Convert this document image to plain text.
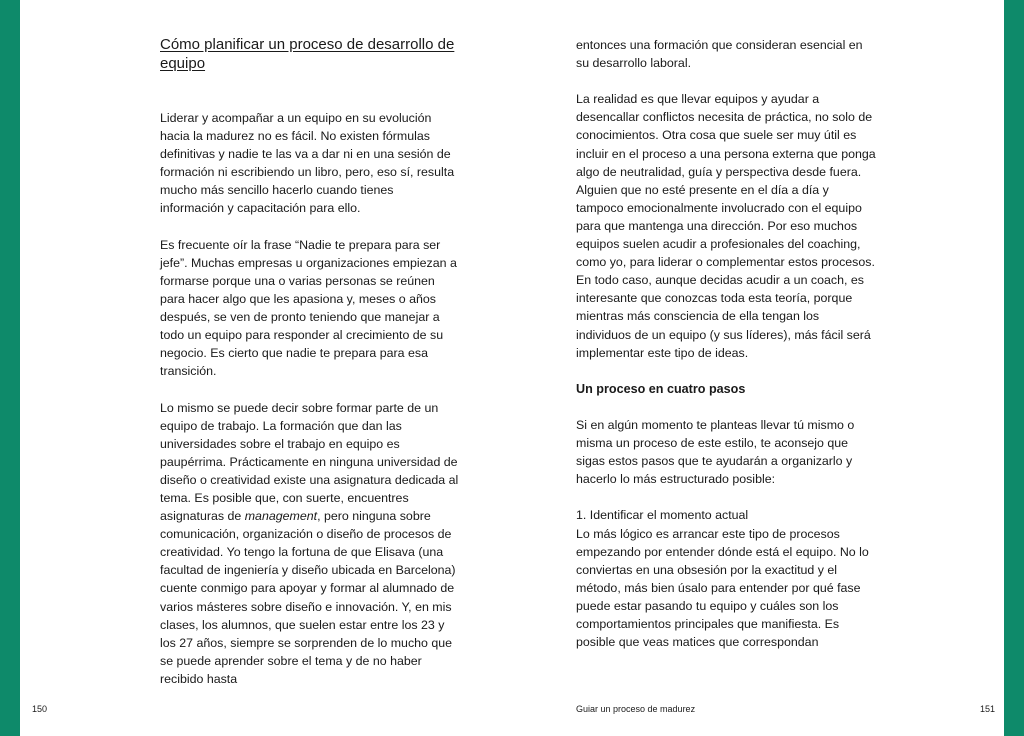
Cómo planificar un proceso de desarrollo de equipo

Liderar y acompañar a un equipo en su evolución hacia la madurez no es fácil. No existen fórmulas definitivas y nadie te las va a dar ni en una sesión de formación ni escribiendo un libro, pero, eso sí, resulta mucho más sencillo hacerlo cuando tienes información y capacitación para ello.

Es frecuente oír la frase “Nadie te prepara para ser jefe”. Muchas empresas u organizaciones empiezan a formarse porque una o varias personas se reúnen para hacer algo que les apasiona y, meses o años después, se ven de pronto teniendo que manejar a todo un equipo para responder al crecimiento de su negocio. Es cierto que nadie te prepara para esa transición.

Lo mismo se puede decir sobre formar parte de un equipo de trabajo. La formación que dan las universidades sobre el trabajo en equipo es paupérrima. Prácticamente en ninguna universidad de diseño o creatividad existe una asignatura dedicada al tema. Es posible que, con suerte, encuentres asignaturas de management, pero ninguna sobre comunicación, organización o diseño de procesos de creatividad. Yo tengo la fortuna de que Elisava (una facultad de ingeniería y diseño ubicada en Barcelona) cuente conmigo para apoyar y formar al alumnado de varios másteres sobre diseño e innovación. Y, en mis clases, los alumnos, que suelen estar entre los 23 y los 27 años, siempre se sorprenden de lo mucho que se puede aprender sobre el tema y de no haber recibido hasta

entonces una formación que consideran esencial en su desarrollo laboral.

La realidad es que llevar equipos y ayudar a desencallar conflictos necesita de práctica, no solo de conocimientos. Otra cosa que suele ser muy útil es incluir en el proceso a una persona externa que ponga algo de neutralidad, guía y perspectiva desde fuera. Alguien que no esté presente en el día a día y tampoco emocionalmente involucrado con el equipo para que mantenga una dirección. Por eso muchos equipos suelen acudir a profesionales del coaching, como yo, para liderar o complementar estos procesos. En todo caso, aunque decidas acudir a un coach, es interesante que conozcas toda esta teoría, porque mientras más consciencia de ella tengan los individuos de un equipo (y sus líderes), más fácil será implementar este tipo de ideas.

Un proceso en cuatro pasos

Si en algún momento te planteas llevar tú mismo o misma un proceso de este estilo, te aconsejo que sigas estos pasos que te ayudarán a organizarlo y hacerlo lo más estructurado posible:

1. Identificar el momento actual

Lo más lógico es arrancar este tipo de procesos empezando por entender dónde está el equipo. No lo conviertas en una obsesión por la exactitud y el método, más bien úsalo para entender por qué fase puede estar pasando tu equipo y cuáles son los comportamientos principales que manifiesta. Es posible que veas matices que correspondan

150	Guiar un proceso de madurez	151
